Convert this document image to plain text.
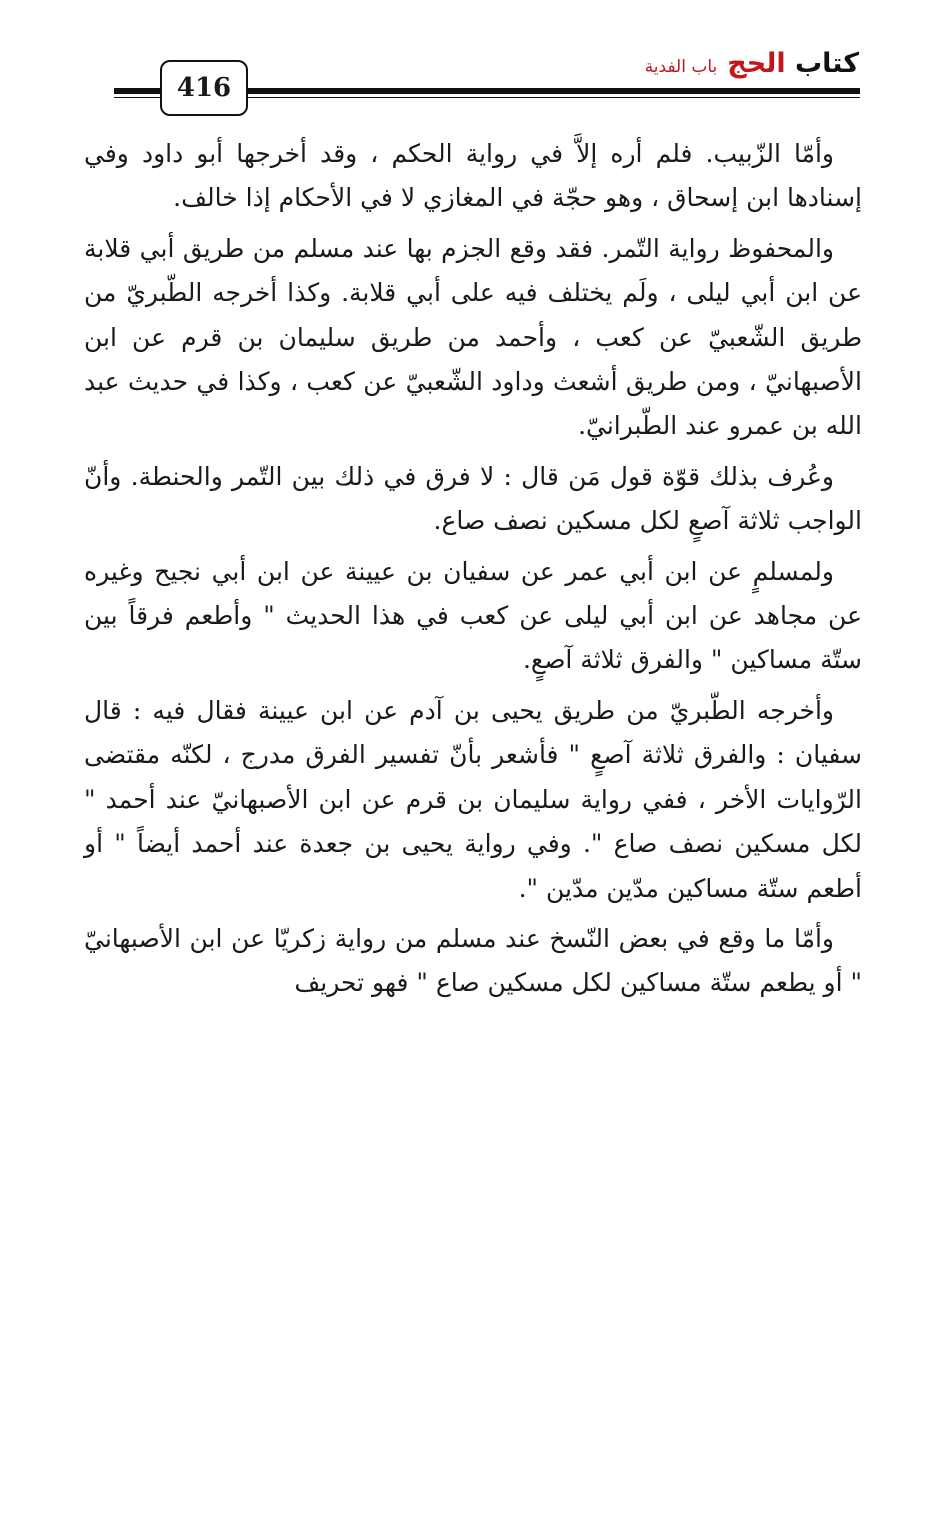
416
كتاب الحج
باب الفدية

وأمّا الزّبيب. فلم أره إلاَّ في رواية الحكم ، وقد أخرجها أبو داود وفي إسنادها ابن إسحاق ، وهو حجّة في المغازي لا في الأحكام إذا خالف.

والمحفوظ رواية التّمر. فقد وقع الجزم بها عند مسلم من طريق أبي قلابة عن ابن أبي ليلى ، ولَم يختلف فيه على أبي قلابة. وكذا أخرجه الطّبريّ من طريق الشّعبيّ عن كعب ، وأحمد من طريق سليمان بن قرم عن ابن الأصبهانيّ ، ومن طريق أشعث وداود الشّعبيّ عن كعب ، وكذا في حديث عبد الله بن عمرو عند الطّبرانيّ.

وعُرف بذلك قوّة قول مَن قال : لا فرق في ذلك بين التّمر والحنطة. وأنّ الواجب ثلاثة آصعٍ لكل مسكين نصف صاع.

ولمسلمٍ عن ابن أبي عمر عن سفيان بن عيينة عن ابن أبي نجيح وغيره عن مجاهد عن ابن أبي ليلى عن كعب في هذا الحديث " وأطعم فرقاً بين ستّة مساكين " والفرق ثلاثة آصعٍ.

وأخرجه الطّبريّ من طريق يحيى بن آدم عن ابن عيينة فقال فيه : قال سفيان : والفرق ثلاثة آصعٍ " فأشعر بأنّ تفسير الفرق مدرج ، لكنّه مقتضى الرّوايات الأخر ، ففي رواية سليمان بن قرم عن ابن الأصبهانيّ عند أحمد " لكل مسكين نصف صاع ". وفي رواية يحيى بن جعدة عند أحمد أيضاً " أو أطعم ستّة مساكين مدّين مدّين ".

وأمّا ما وقع في بعض النّسخ عند مسلم من رواية زكريّا عن ابن الأصبهانيّ " أو يطعم ستّة مساكين لكل مسكين صاع " فهو تحريف
